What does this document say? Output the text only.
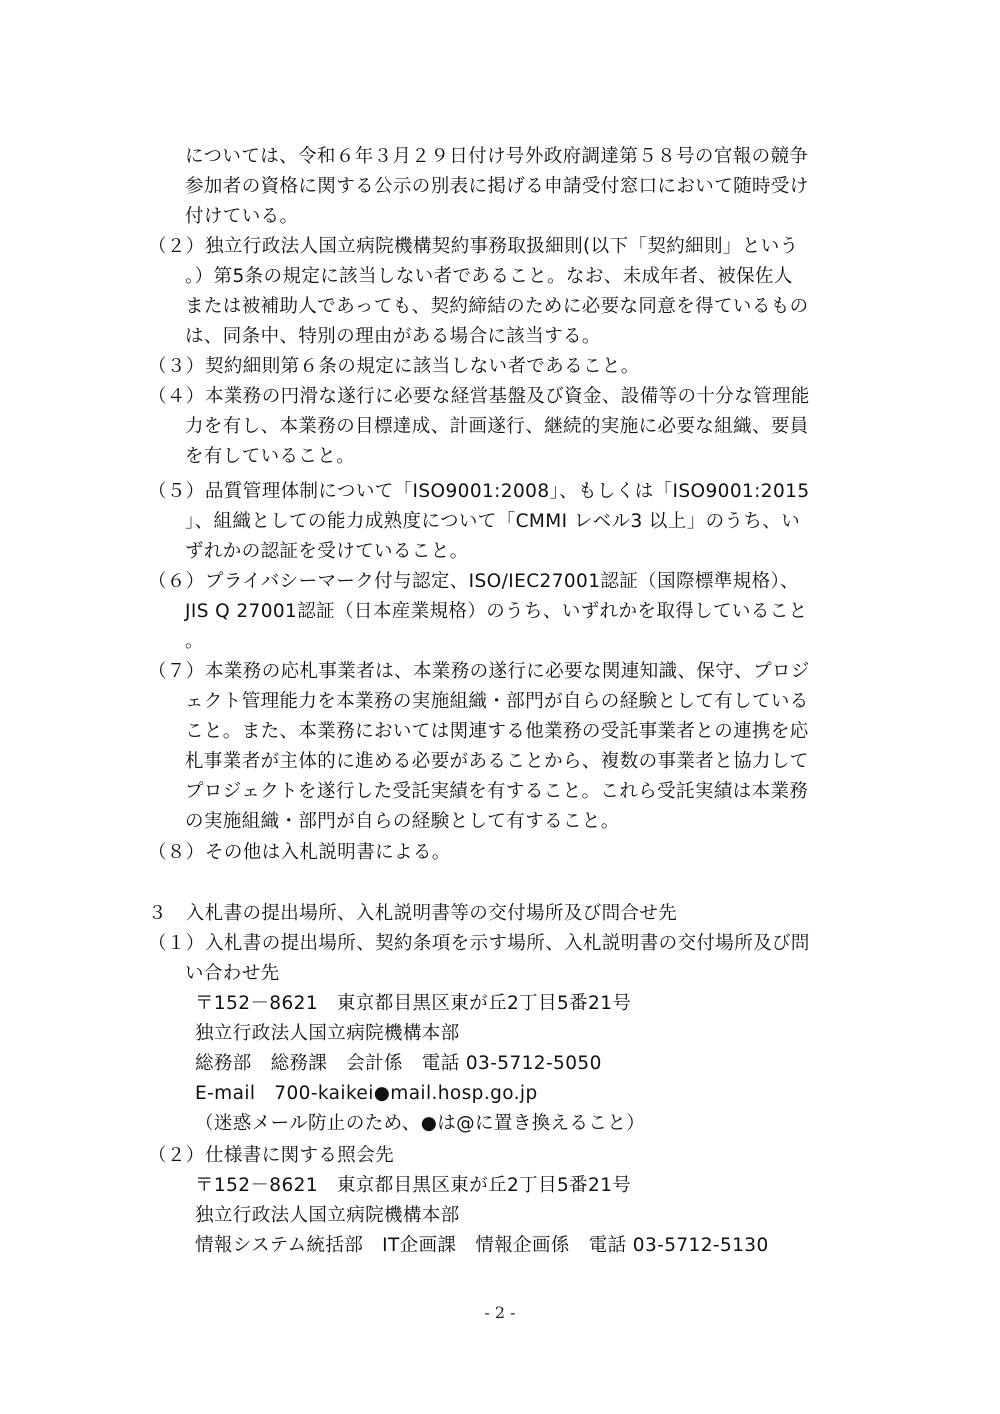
については、令和６年３月２９日付け号外政府調達第５８号の官報の競争
参加者の資格に関する公示の別表に掲げる申請受付窓口において随時受け
付けている。
（２） 独立行政法人国立病院機構契約事務取扱細則(以下「契約細則」という
。）第5条の規定に該当しない者であること。なお、未成年者、被保佐人
または被補助人であっても、契約締結のために必要な同意を得ているもの
は、同条中、特別の理由がある場合に該当する。
（３） 契約細則第６条の規定に該当しない者であること。
（４） 本業務の円滑な遂行に必要な経営基盤及び資金、設備等の十分な管理能
力を有し、本業務の目標達成、計画遂行、継続的実施に必要な組織、要員
を有していること。
（５） 品質管理体制について「ISO9001:2008」、もしくは「ISO9001:2015
」、組織としての能力成熟度について「CMMI レベル3 以上」のうち、い
ずれかの認証を受けていること。
（６） プライバシーマーク付与認定、ISO/IEC27001認証（国際標準規格）、
JIS Q 27001認証（日本産業規格）のうち、いずれかを取得していること
。
（７） 本業務の応札事業者は、本業務の遂行に必要な関連知識、保守、プロジ
ェクト管理能力を本業務の実施組織・部門が自らの経験として有している
こと。また、本業務においては関連する他業務の受託事業者との連携を応
札事業者が主体的に進める必要があることから、複数の事業者と協力して
プロジェクトを遂行した受託実績を有すること。これら受託実績は本業務
の実施組織・部門が自らの経験として有すること。
（８） その他は入札説明書による。
３　入札書の提出場所、入札説明書等の交付場所及び問合せ先
（１） 入札書の提出場所、契約条項を示す場所、入札説明書の交付場所及び問
い合わせ先
〒152－8621　東京都目黒区東が丘2丁目5番21号
独立行政法人国立病院機構本部
総務部　総務課　会計係　電話 03-5712-5050
E-mail　700-kaikei●mail.hosp.go.jp
（迷惑メール防止のため、●は@に置き換えること）
（２） 仕様書に関する照会先
〒152－8621　東京都目黒区東が丘2丁目5番21号
独立行政法人国立病院機構本部
情報システム統括部　IT企画課　情報企画係　電話 03-5712-5130
- 2 -
